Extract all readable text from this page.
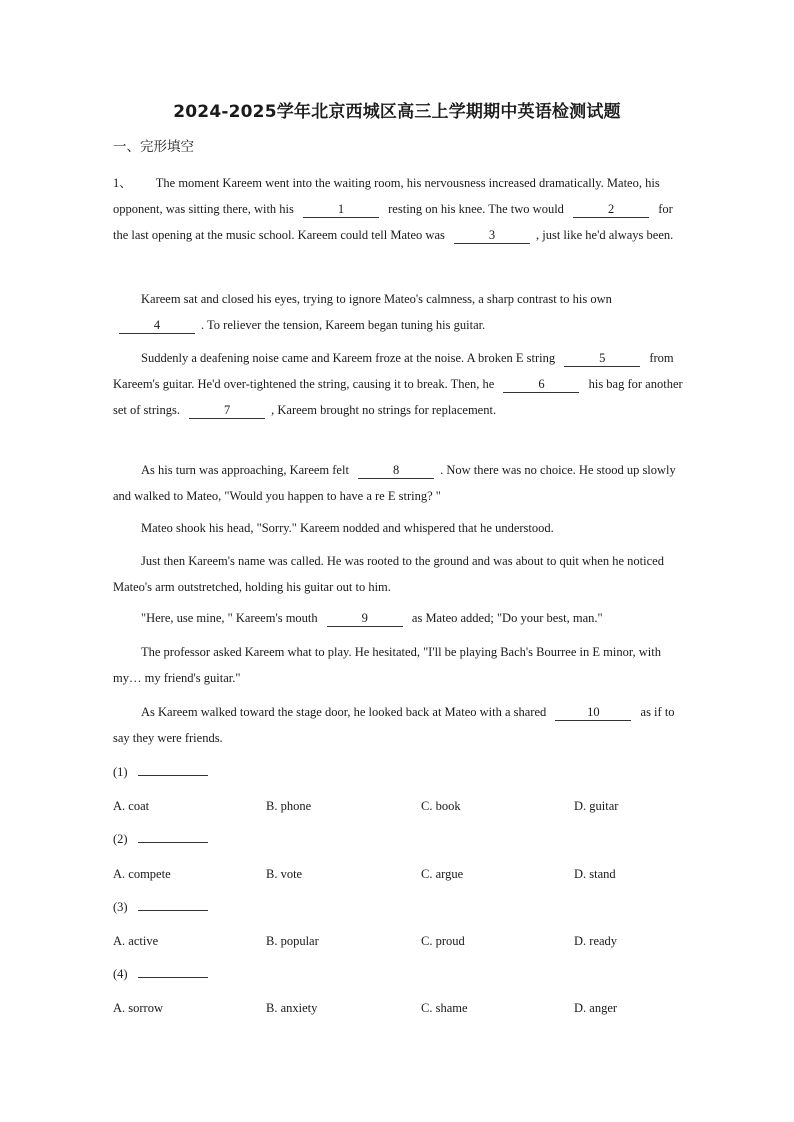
2024-2025学年北京西城区高三上学期期中英语检测试题
一、完形填空
1、 The moment Kareem went into the waiting room, his nervousness increased dramatically. Mateo, his opponent, was sitting there, with his	1	resting on his knee. The two would	2	for the last opening at the music school. Kareem could tell Mateo was	3	, just like he'd always been.
Kareem sat and closed his eyes, trying to ignore Mateo's calmness, a sharp contrast to his own 4	. To reliever the tension, Kareem began tuning his guitar.
Suddenly a deafening noise came and Kareem froze at the noise. A broken E string	5	from Kareem's guitar. He'd over-tightened the string, causing it to break. Then, he	6	his bag for another set of strings.	7	, Kareem brought no strings for replacement.
As his turn was approaching, Kareem felt	8	. Now there was no choice. He stood up slowly and walked to Mateo, "Would you happen to have a re E string? "
Mateo shook his head, "Sorry." Kareem nodded and whispered that he understood.
Just then Kareem's name was called. He was rooted to the ground and was about to quit when he noticed Mateo's arm outstretched, holding his guitar out to him.
"Here, use mine, " Kareem's mouth	9	as Mateo added; "Do your best, man."
The professor asked Kareem what to play. He hesitated, "I'll be playing Bach's Bourree in E minor, with my… my friend's guitar."
As Kareem walked toward the stage door, he looked back at Mateo with a shared	10	as if to say they were friends.
(1)
A. coat	B. phone	C. book	D. guitar
(2)
A. compete	B. vote	C. argue	D. stand
(3)
A. active	B. popular	C. proud	D. ready
(4)
A. sorrow	B. anxiety	C. shame	D. anger
